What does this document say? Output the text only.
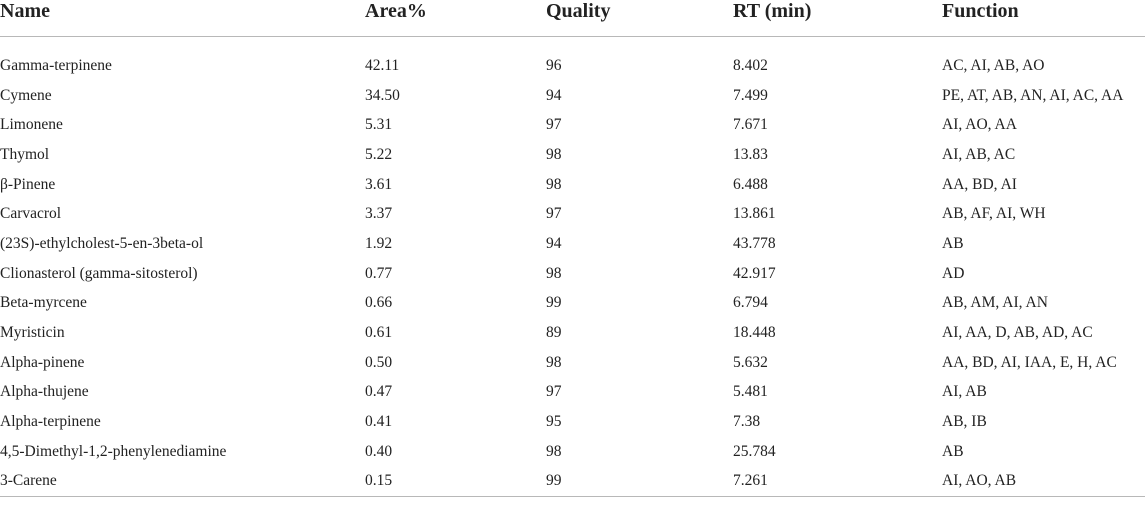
Name	Area%	Quality	RT (min)	Function

Gamma-terpinene	42.11	96	8.402	AC, AI, AB, AO
Cymene	34.50	94	7.499	PE, AT, AB, AN, AI, AC, AA
Limonene	5.31	97	7.671	AI, AO, AA
Thymol	5.22	98	13.83	AI, AB, AC
β-Pinene	3.61	98	6.488	AA, BD, AI
Carvacrol	3.37	97	13.861	AB, AF, AI, WH
(23S)-ethylcholest-5-en-3beta-ol	1.92	94	43.778	AB
Clionasterol (gamma-sitosterol)	0.77	98	42.917	AD
Beta-myrcene	0.66	99	6.794	AB, AM, AI, AN
Myristicin	0.61	89	18.448	AI, AA, D, AB, AD, AC
Alpha-pinene	0.50	98	5.632	AA, BD, AI, IAA, E, H, AC
Alpha-thujene	0.47	97	5.481	AI, AB
Alpha-terpinene	0.41	95	7.38	AB, IB
4,5-Dimethyl-1,2-phenylenediamine	0.40	98	25.784	AB
3-Carene	0.15	99	7.261	AI, AO, AB
